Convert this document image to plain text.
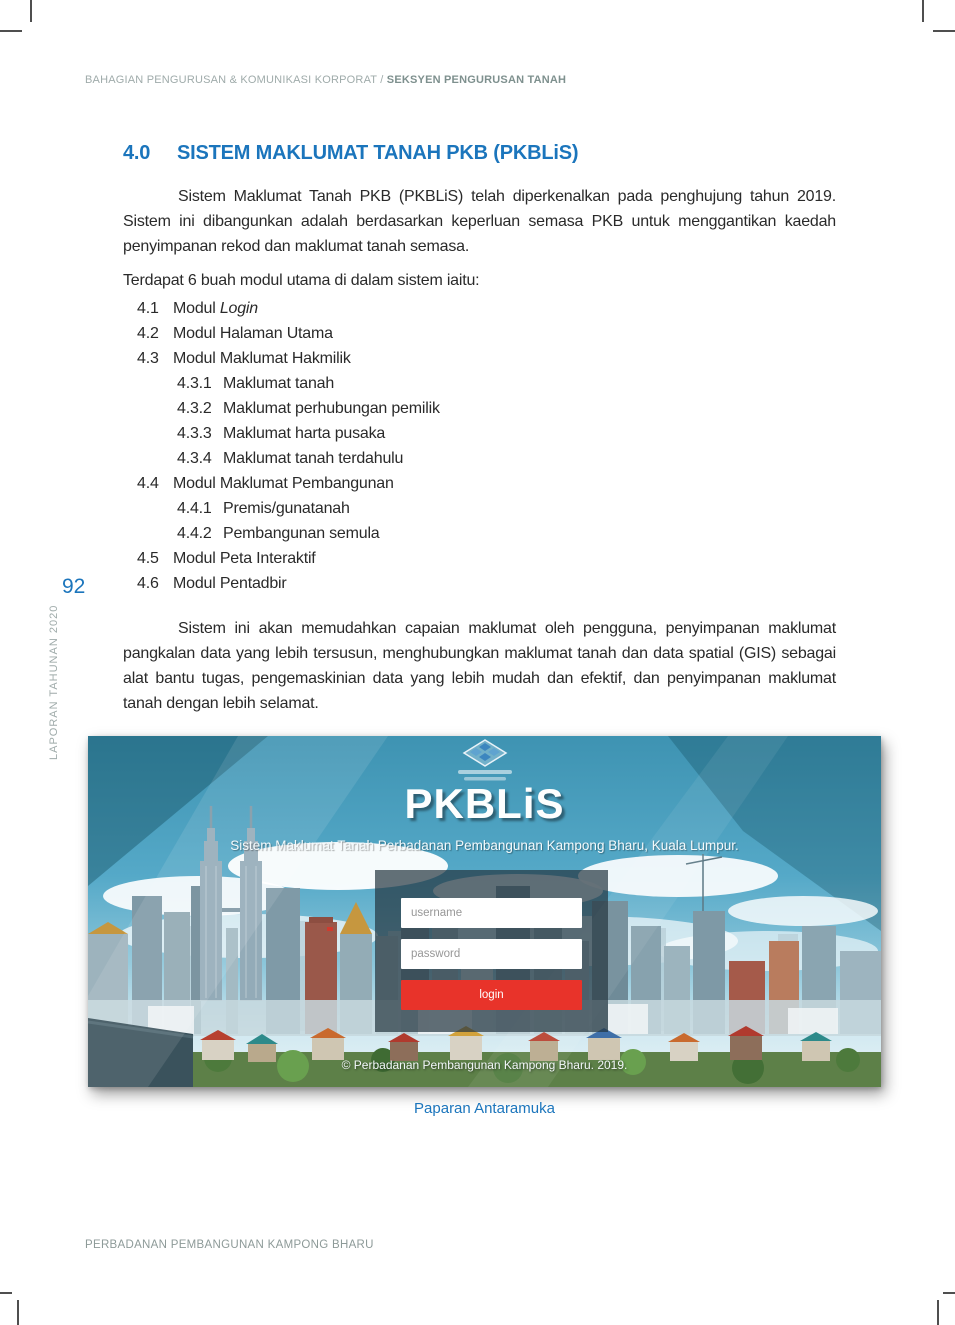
BAHAGIAN PENGURUSAN & KOMUNIKASI KORPORAT / SEKSYEN PENGURUSAN TANAH
4.0	SISTEM MAKLUMAT TANAH PKB (PKBLiS)
Sistem Maklumat Tanah PKB (PKBLiS) telah diperkenalkan pada penghujung tahun 2019. Sistem ini dibangunkan adalah berdasarkan keperluan semasa PKB untuk menggantikan kaedah penyimpanan rekod dan maklumat tanah semasa.
Terdapat 6 buah modul utama di dalam sistem iaitu:
4.1 Modul Login
4.2 Modul Halaman Utama
4.3 Modul Maklumat Hakmilik
4.3.1 Maklumat tanah
4.3.2 Maklumat perhubungan pemilik
4.3.3 Maklumat harta pusaka
4.3.4 Maklumat tanah terdahulu
4.4 Modul Maklumat Pembangunan
4.4.1 Premis/gunatanah
4.4.2 Pembangunan semula
4.5 Modul Peta Interaktif
4.6 Modul Pentadbir
Sistem ini akan memudahkan capaian maklumat oleh pengguna, penyimpanan maklumat pangkalan data yang lebih tersusun, menghubungkan maklumat tanah dan data spatial (GIS) sebagai alat bantu tugas, pengemaskinian data yang lebih mudah dan efektif, dan penyimpanan maklumat tanah dengan lebih selamat.
92
LAPORAN TAHUNAN 2020
PERBADANAN PEMBANGUNAN KAMPONG BHARU
PKBLiS
Sistem Maklumat Tanah Perbadanan Pembangunan Kampong Bharu, Kuala Lumpur.
username
password
login
© Perbadanan Pembangunan Kampong Bharu. 2019.
Paparan Antaramuka
